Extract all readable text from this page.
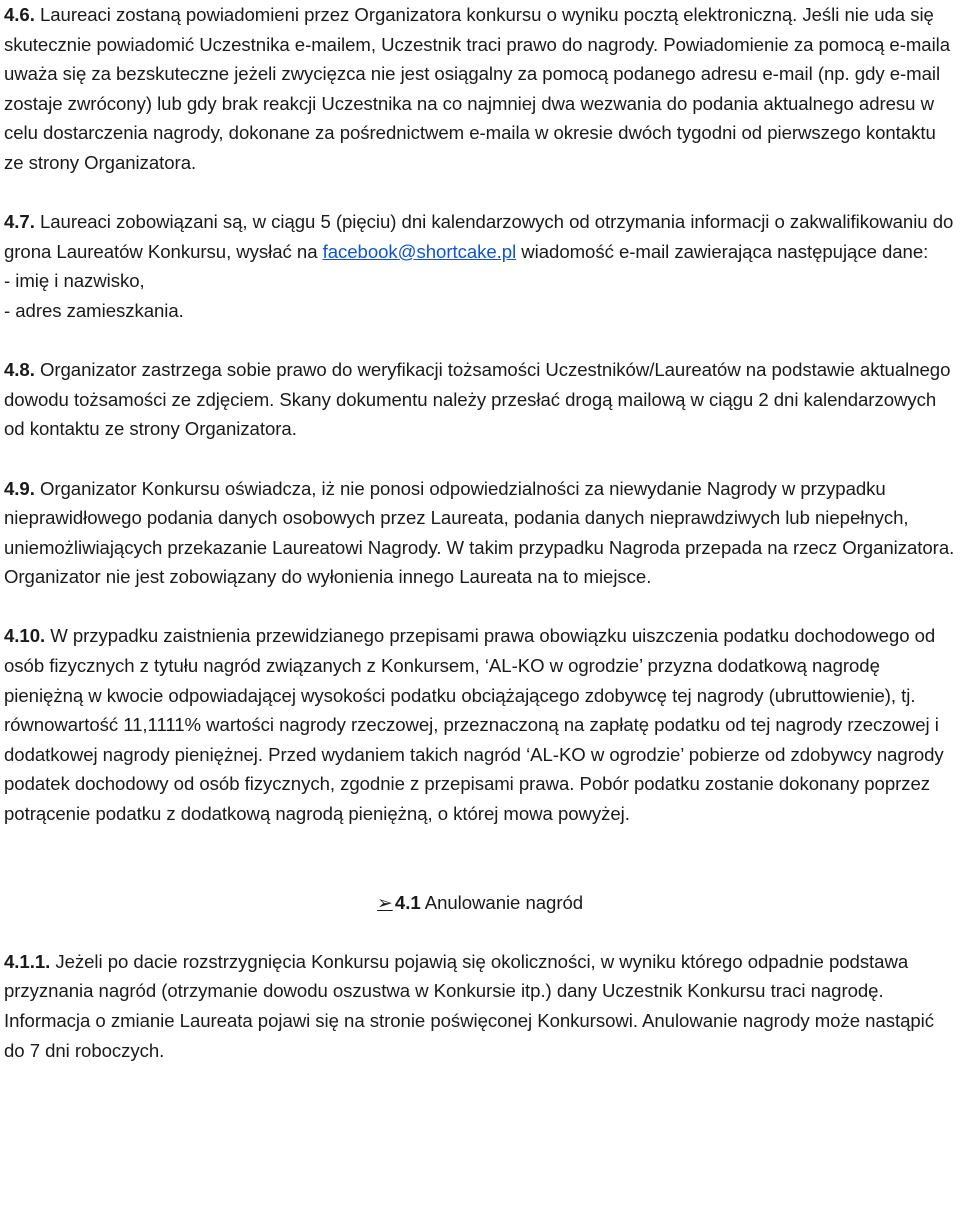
4.6. Laureaci zostaną powiadomieni przez Organizatora konkursu o wyniku pocztą elektroniczną. Jeśli nie uda się skutecznie powiadomić Uczestnika e-mailem, Uczestnik traci prawo do nagrody. Powiadomienie za pomocą e-maila uważa się za bezskuteczne jeżeli zwycięzca nie jest osiągalny za pomocą podanego adresu e-mail (np. gdy e-mail zostaje zwrócony) lub gdy brak reakcji Uczestnika na co najmniej dwa wezwania do podania aktualnego adresu w celu dostarczenia nagrody, dokonane za pośrednictwem e-maila w okresie dwóch tygodni od pierwszego kontaktu ze strony Organizatora.

4.7. Laureaci zobowiązani są, w ciągu 5 (pięciu) dni kalendarzowych od otrzymania informacji o zakwalifikowaniu do grona Laureatów Konkursu, wysłać na facebook@shortcake.pl wiadomość e-mail zawierająca następujące dane:
- imię i nazwisko,
- adres zamieszkania.

4.8. Organizator zastrzega sobie prawo do weryfikacji tożsamości Uczestników/Laureatów na podstawie aktualnego dowodu tożsamości ze zdjęciem. Skany dokumentu należy przesłać drogą mailową w ciągu 2 dni kalendarzowych od kontaktu ze strony Organizatora.

4.9. Organizator Konkursu oświadcza, iż nie ponosi odpowiedzialności za niewydanie Nagrody w przypadku nieprawidłowego podania danych osobowych przez Laureata, podania danych nieprawdziwych lub niepełnych, uniemożliwiających przekazanie Laureatowi Nagrody. W takim przypadku Nagroda przepada na rzecz Organizatora. Organizator nie jest zobowiązany do wyłonienia innego Laureata na to miejsce.

4.10. W przypadku zaistnienia przewidzianego przepisami prawa obowiązku uiszczenia podatku dochodowego od osób fizycznych z tytułu nagród związanych z Konkursem, ‘AL-KO w ogrodzie’ przyzna dodatkową nagrodę pieniężną w kwocie odpowiadającej wysokości podatku obciążającego zdobywcę tej nagrody (ubruttowienie), tj. równowartość 11,1111% wartości nagrody rzeczowej, przeznaczoną na zapłatę podatku od tej nagrody rzeczowej i dodatkowej nagrody pieniężnej. Przed wydaniem takich nagród ‘AL-KO w ogrodzie’ pobierze od zdobywcy nagrody podatek dochodowy od osób fizycznych, zgodnie z przepisami prawa. Pobór podatku zostanie dokonany poprzez potrącenie podatku z dodatkową nagrodą pieniężną, o której mowa powyżej.

➢ 4.1 Anulowanie nagród

4.1.1. Jeżeli po dacie rozstrzygnięcia Konkursu pojawią się okoliczności, w wyniku którego odpadnie podstawa przyznania nagród (otrzymanie dowodu oszustwa w Konkursie itp.) dany Uczestnik Konkursu traci nagrodę. Informacja o zmianie Laureata pojawi się na stronie poświęconej Konkursowi. Anulowanie nagrody może nastąpić do 7 dni roboczych.
